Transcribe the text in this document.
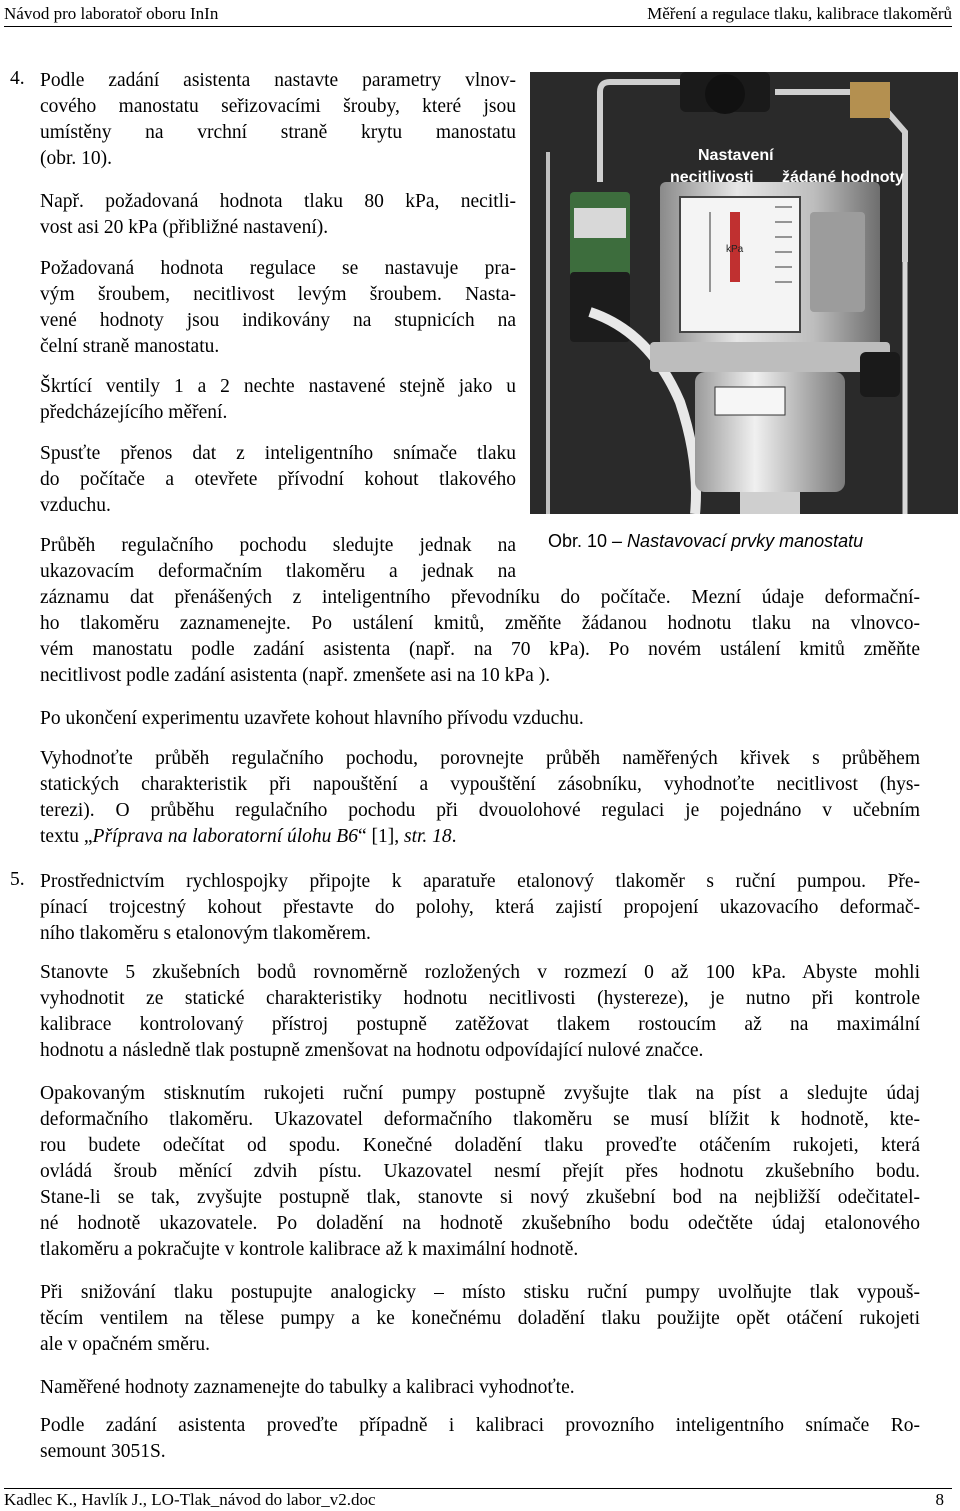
Návod pro laboratoř oboru InIn	Měření a regulace tlaku, kalibrace tlakoměrů
4. Podle zadání asistenta nastavte parametry vlnov-
cového manostatu seřizovacími šrouby, které jsou
umístěny na vrchní straně krytu manostatu
(obr. 10).
Např. požadovaná hodnota tlaku 80 kPa, necitli-
vost asi 20 kPa (přibližné nastavení).
Požadovaná hodnota regulace se nastavuje pra-
vým šroubem, necitlivost levým šroubem. Nasta-
vené hodnoty jsou indikovány na stupnicích na
čelní straně manostatu.
Škrtící ventily 1 a 2 nechte nastavené stejně jako u
předcházejícího měření.
Spusťte přenos dat z inteligentního snímače tlaku
do počítače a otevřete přívodní kohout tlakového
vzduchu.
Průběh regulačního pochodu sledujte jednak na
ukazovacím deformačním tlakoměru a jednak na
záznamu dat přenášených z inteligentního převodníku do počítače. Mezní údaje deformační-
ho tlakoměru zaznamenejte. Po ustálení kmitů, změňte žádanou hodnotu tlaku na vlnovco-
vém manostatu podle zadání asistenta (např. na 70 kPa). Po novém ustálení kmitů změňte
necitlivost podle zadání asistenta (např. zmenšete asi na 10 kPa ).
Po ukončení experimentu uzavřete kohout hlavního přívodu vzduchu.
Vyhodnoťte průběh regulačního pochodu, porovnejte průběh naměřených křivek s průběhem
statických charakteristik při napouštění a vypouštění zásobníku, vyhodnoťte necitlivost (hys-
terezi). O průběhu regulačního pochodu při dvouolohové regulaci je pojednáno v učebním
textu „Příprava na laboratorní úlohu B6“ [1], str. 18.
kPa
Nastavení
necitlivosti žádané hodnoty
Obr. 10 – Nastavovací prvky manostatu
5. Prostřednictvím rychlospojky připojte k aparatuře etalonový tlakoměr s ruční pumpou. Pře-
pínací trojcestný kohout přestavte do polohy, která zajistí propojení ukazovacího deformač-
ního tlakoměru s etalonovým tlakoměrem.
Stanovte 5 zkušebních bodů rovnoměrně rozložených v rozmezí 0 až 100 kPa. Abyste mohli
vyhodnotit ze statické charakteristiky hodnotu necitlivosti (hystereze), je nutno při kontrole
kalibrace kontrolovaný přístroj postupně zatěžovat tlakem rostoucím až na maximální
hodnotu a následně tlak postupně zmenšovat na hodnotu odpovídající nulové značce.
Opakovaným stisknutím rukojeti ruční pumpy postupně zvyšujte tlak na píst a sledujte údaj
deformačního tlakoměru. Ukazovatel deformačního tlakoměru se musí blížit k hodnotě, kte-
rou budete odečítat od spodu. Konečné doladění tlaku proveďte otáčením rukojeti, která
ovládá šroub měnící zdvih pístu. Ukazovatel nesmí přejít přes hodnotu zkušebního bodu.
Stane-li se tak, zvyšujte postupně tlak, stanovte si nový zkušební bod na nejbližší odečitatel-
né hodnotě ukazovatele. Po doladění na hodnotě zkušebního bodu odečtěte údaj etalonového
tlakoměru a pokračujte v kontrole kalibrace až k maximální hodnotě.
Při snižování tlaku postupujte analogicky – místo stisku ruční pumpy uvolňujte tlak vypouš-
těcím ventilem na tělese pumpy a ke konečnému doladění tlaku použijte opět otáčení rukojeti
ale v opačném směru.
Naměřené hodnoty zaznamenejte do tabulky a kalibraci vyhodnoťte.
Podle zadání asistenta proveďte případně i kalibraci provozního inteligentního snímače Ro-
semount 3051S.
Kadlec K., Havlík J., LO-Tlak_návod do labor_v2.doc	8
